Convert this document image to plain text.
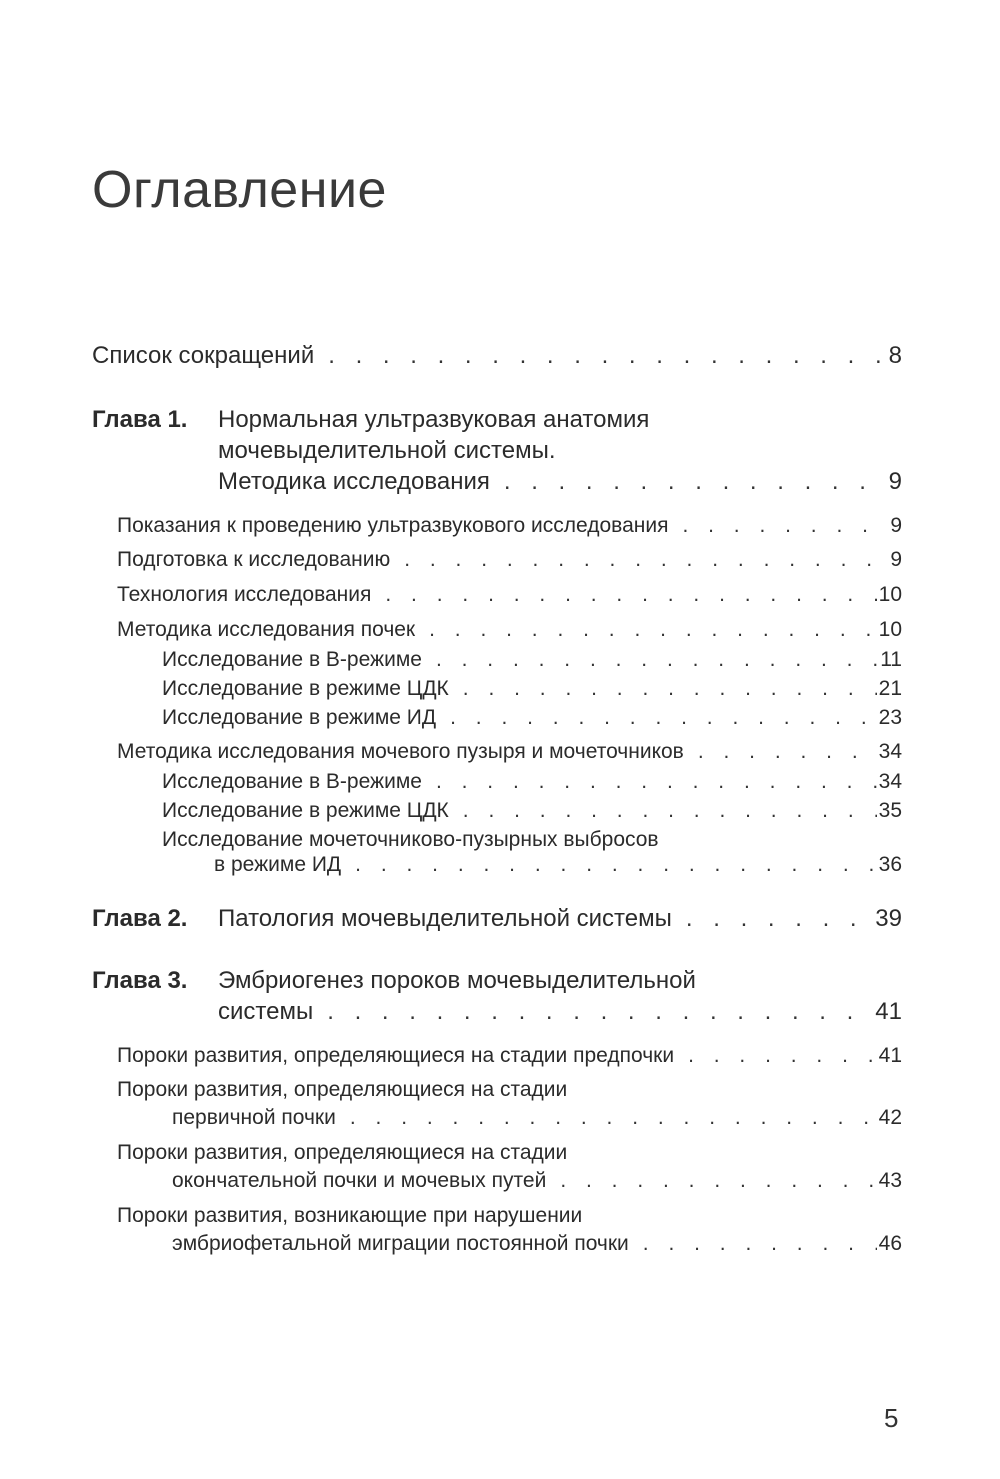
Оглавление
Список сокращений . . .	8
Глава 1. Нормальная ультразвуковая анатомия
мочевыделительной системы.
Методика исследования . . .	9
Показания к проведению ультразвукового исследования . . .	9
Подготовка к исследованию . . .	9
Технология исследования . . .	10
Методика исследования почек . . .	10
Исследование в В-режиме . . .	11
Исследование в режиме ЦДК . . .	21
Исследование в режиме ИД . . .	23
Методика исследования мочевого пузыря и мочеточников . . .	34
Исследование в В-режиме . . .	34
Исследование в режиме ЦДК . . .	35
Исследование мочеточниково-пузырных выбросов
в режиме ИД . . .	36
Глава 2. Патология мочевыделительной системы . . .	39
Глава 3. Эмбриогенез пороков мочевыделительной
системы . . .	41
Пороки развития, определяющиеся на стадии предпочки . . .	41
Пороки развития, определяющиеся на стадии
первичной почки . . .	42
Пороки развития, определяющиеся на стадии
окончательной почки и мочевых путей . . .	43
Пороки развития, возникающие при нарушении
эмбриофетальной миграции постоянной почки . . .	46
5
